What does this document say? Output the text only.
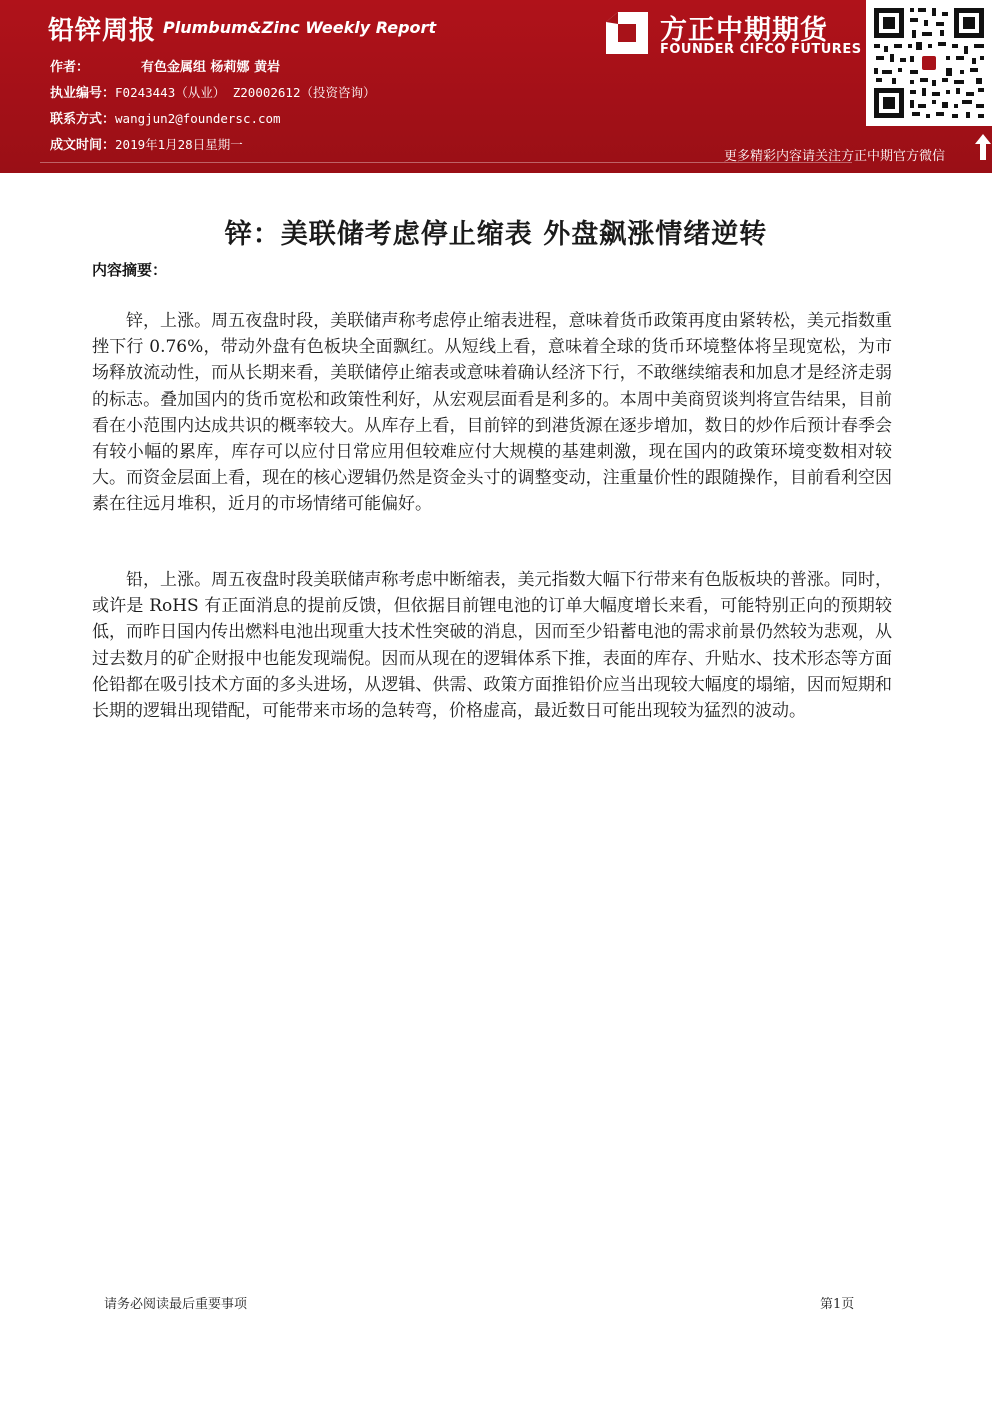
铅锌周报 Plumbum&Zinc Weekly Report
作者：	有色金属组 杨莉娜 黄岩
执业编号：F0243443（从业） Z20002612（投资咨询）
联系方式：wangjun2@foundersc.com
成文时间：2019年1月28日星期一
方正中期期货
FOUNDER CIFCO FUTURES
更多精彩内容请关注方正中期官方微信
锌：美联储考虑停止缩表 外盘飙涨情绪逆转
内容摘要：

锌，上涨。周五夜盘时段，美联储声称考虑停止缩表进程，意味着货币政策再度由紧转松，美元指数重挫下行 0.76%，带动外盘有色板块全面飘红。从短线上看，意味着全球的货币环境整体将呈现宽松，为市场释放流动性，而从长期来看，美联储停止缩表或意味着确认经济下行，不敢继续缩表和加息才是经济走弱的标志。叠加国内的货币宽松和政策性利好，从宏观层面看是利多的。本周中美商贸谈判将宣告结果，目前看在小范围内达成共识的概率较大。从库存上看，目前锌的到港货源在逐步增加，数日的炒作后预计春季会有较小幅的累库，库存可以应付日常应用但较难应付大规模的基建刺激，现在国内的政策环境变数相对较大。而资金层面上看，现在的核心逻辑仍然是资金头寸的调整变动，注重量价性的跟随操作，目前看利空因素在往远月堆积，近月的市场情绪可能偏好。

铅，上涨。周五夜盘时段美联储声称考虑中断缩表，美元指数大幅下行带来有色版板块的普涨。同时，或许是 RoHS 有正面消息的提前反馈，但依据目前锂电池的订单大幅度增长来看，可能特别正向的预期较低，而昨日国内传出燃料电池出现重大技术性突破的消息，因而至少铅蓄电池的需求前景仍然较为悲观，从过去数月的矿企财报中也能发现端倪。因而从现在的逻辑体系下推，表面的库存、升贴水、技术形态等方面伦铅都在吸引技术方面的多头进场，从逻辑、供需、政策方面推铅价应当出现较大幅度的塌缩，因而短期和长期的逻辑出现错配，可能带来市场的急转弯，价格虚高，最近数日可能出现较为猛烈的波动。

请务必阅读最后重要事项	第1页
